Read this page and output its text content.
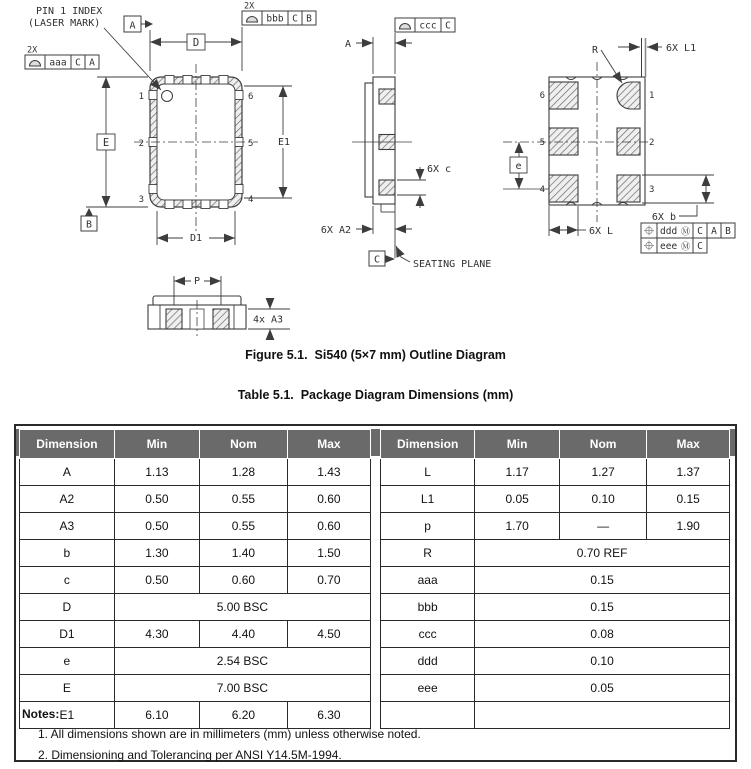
1
2
3
6
5
4
D
A
2X
bbb C B
2X
aaa C A
E
B
E1
D1
PIN 1 INDEX
(LASER MARK)
A
ccc C
6X c
6X A2
C	SEATING PLANE
6
5
4
1
2
3
R	6X L1
e
6X L
6X b
ddd Ⓜ C A B
eee Ⓜ C
P
4x A3
Figure 5.1.  Si540 (5×7 mm) Outline Diagram
Table 5.1.  Package Diagram Dimensions (mm)
Dimension	Min	Nom	Max
A	1.13	1.28	1.43
A2	0.50	0.55	0.60
A3	0.50	0.55	0.60
b	1.30	1.40	1.50
c	0.50	0.60	0.70
D	5.00 BSC		
D1	4.30	4.40	4.50
e	2.54 BSC		
E	7.00 BSC		
E1	6.10	6.20	6.30
Dimension	Min	Nom	Max
L	1.17	1.27	1.37
L1	0.05	0.10	0.15
p	1.70	—	1.90
R	0.70 REF		
aaa	0.15		
bbb	0.15		
ccc	0.08		
ddd	0.10		
eee	0.05		

Notes:
1. All dimensions shown are in millimeters (mm) unless otherwise noted.
2. Dimensioning and Tolerancing per ANSI Y14.5M-1994.
